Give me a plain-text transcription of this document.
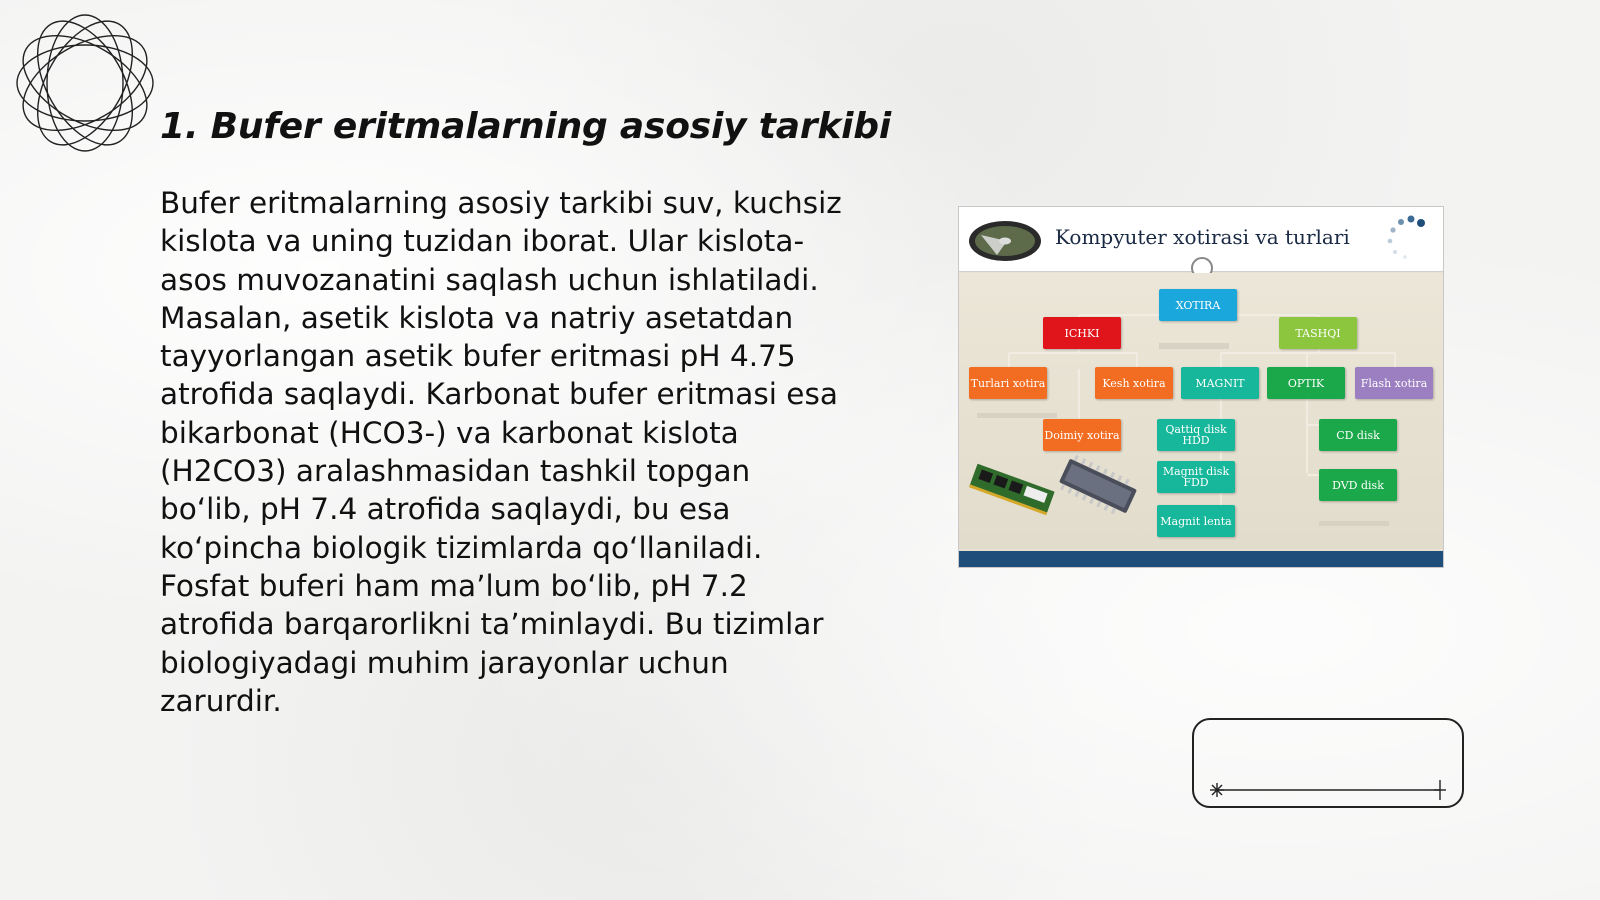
1. Bufer eritmalarning asosiy tarkibi

Bufer eritmalarning asosiy tarkibi suv, kuchsiz kislota va uning tuzidan iborat. Ular kislota-asos muvozanatini saqlash uchun ishlatiladi. Masalan, asetik kislota va natriy asetatdan tayyorlangan asetik bufer eritmasi pH 4.75 atrofida saqlaydi. Karbonat bufer eritmasi esa bikarbonat (HCO3-) va karbonat kislota (H2CO3) aralashmasidan tashkil topgan bo‘lib, pH 7.4 atrofida saqlaydi, bu esa ko‘pincha biologik tizimlarda qo‘llaniladi. Fosfat buferi ham ma’lum bo‘lib, pH 7.2 atrofida barqarorlikni ta’minlaydi. Bu tizimlar biologiyadagi muhim jarayonlar uchun zarurdir.

Kompyuter xotirasi va turlari
XOTIRA
ICHKI	TASHQI
Turlari xotira	Kesh xotira	MAGNIT	OPTIK	Flash xotira
Doimiy xotira	Qattiq disk HDD
Magnit disk FDD
Magnit lenta
CD disk
DVD disk
